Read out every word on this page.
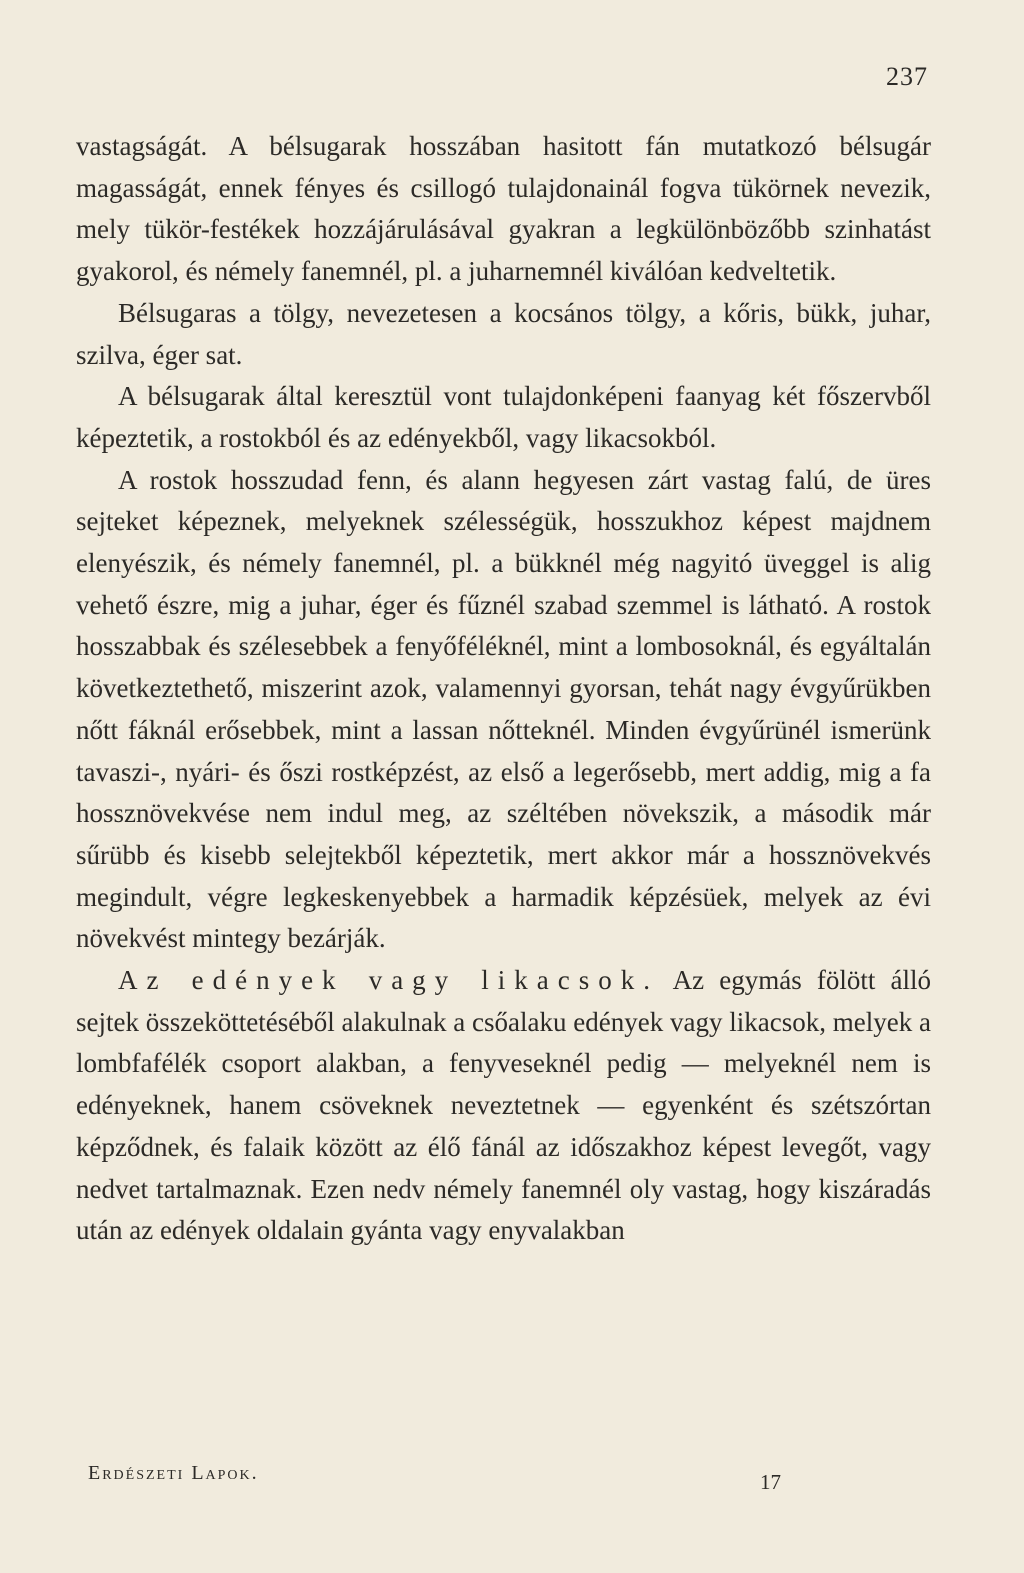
237

vastagságát. A bélsugarak hosszában hasitott fán mutatkozó bélsugár magasságát, ennek fényes és csillogó tulajdonainál fogva tükörnek nevezik, mely tükör-festékek hozzájárulásával gyakran a legkülönbözőbb szinhatást gyakorol, és némely fanemnél, pl. a juharnemnél kiválóan kedveltetik.

Bélsugaras a tölgy, nevezetesen a kocsános tölgy, a kőris, bükk, juhar, szilva, éger sat.

A bélsugarak által keresztül vont tulajdonképeni faanyag két főszervből képeztetik, a rostokból és az edényekből, vagy likacsokból.

A rostok hosszudad fenn, és alann hegyesen zárt vastag falú, de üres sejteket képeznek, melyeknek szélességük, hosszukhoz képest majdnem elenyészik, és némely fanemnél, pl. a bükknél még nagyitó üveggel is alig vehető észre, mig a juhar, éger és fűznél szabad szemmel is látható. A rostok hosszabbak és szélesebbek a fenyőféléknél, mint a lombosoknál, és egyáltalán következtethető, miszerint azok, valamennyi gyorsan, tehát nagy évgyűrükben nőtt fáknál erősebbek, mint a lassan nőtteknél. Minden évgyűrünél ismerünk tavaszi-, nyári- és őszi rostképzést, az első a legerősebb, mert addig, mig a fa hossznövekvése nem indul meg, az széltében növekszik, a második már sűrübb és kisebb selejtekből képeztetik, mert akkor már a hossznövekvés megindult, végre legkeskenyebbek a harmadik képzésüek, melyek az évi növekvést mintegy bezárják.

Az edények vagy likacsok. Az egymás fölött álló sejtek összeköttetéséből alakulnak a csőalaku edények vagy likacsok, melyek a lombfafélék csoport alakban, a fenyveseknél pedig — melyeknél nem is edényeknek, hanem csöveknek neveztetnek — egyenként és szétszórtan képződnek, és falaik között az élő fánál az időszakhoz képest levegőt, vagy nedvet tartalmaznak. Ezen nedv némely fanemnél oly vastag, hogy kiszáradás után az edények oldalain gyánta vagy enyvalakban

Erdészeti Lapok.	17
